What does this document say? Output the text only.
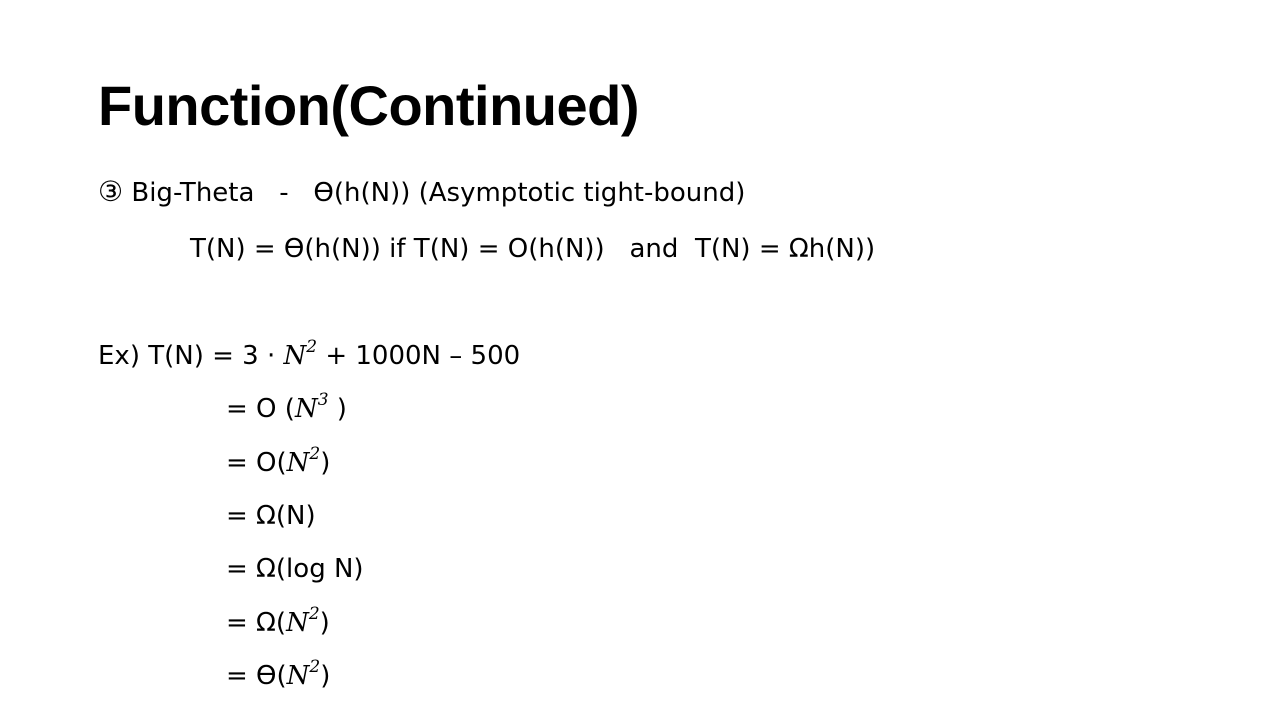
Function(Continued)
③ Big-Theta   -   Ɵ(h(N)) (Asymptotic tight-bound)
T(N) = Ɵ(h(N)) if T(N) = O(h(N))   and  T(N) = Ωh(N))
Ex) $T(N) = 3 \cdot N^2 + 1000N - 500$
= O ($N^3$ )
= $O(N^2)$
= Ω(N)
= Ω(log N)
= $\Omega(N^2)$
= $Ɵ(N^2)$
